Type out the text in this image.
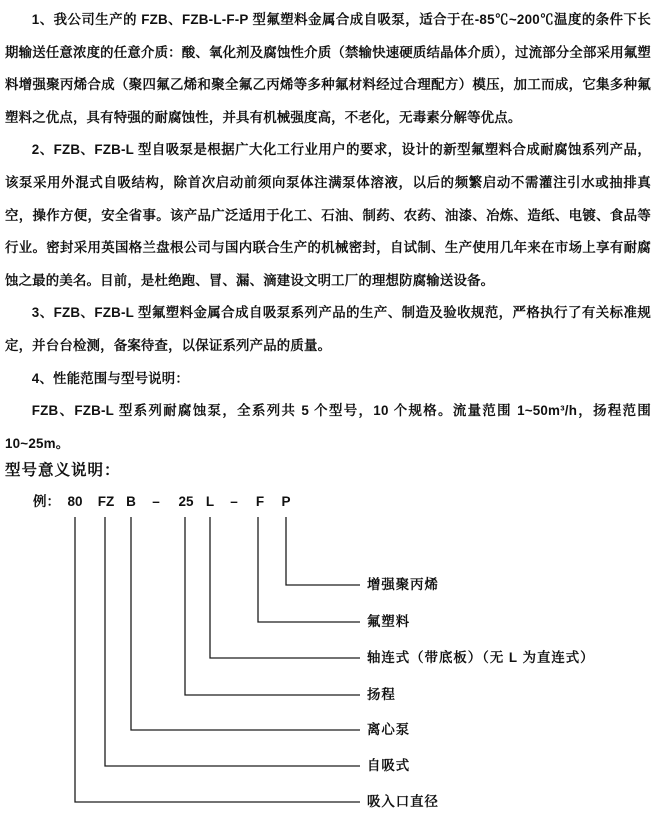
1、我公司生产的 FZB、FZB-L-F-P 型氟塑料金属合成自吸泵，适合于在-85℃~200℃温度的条件下长期输送任意浓度的任意介质：酸、氧化剂及腐蚀性介质（禁输快速硬质结晶体介质），过流部分全部采用氟塑料增强聚丙烯合成（聚四氟乙烯和聚全氟乙丙烯等多种氟材料经过合理配方）模压，加工而成，它集多种氟塑料之优点，具有特强的耐腐蚀性，并具有机械强度高，不老化，无毒素分解等优点。

2、FZB、FZB-L 型自吸泵是根据广大化工行业用户的要求，设计的新型氟塑料合成耐腐蚀系列产品，该泵采用外混式自吸结构，除首次启动前须向泵体注满泵体溶液，以后的频繁启动不需灌注引水或抽排真空，操作方便，安全省事。该产品广泛适用于化工、石油、制药、农药、油漆、冶炼、造纸、电镀、食品等行业。密封采用英国格兰盘根公司与国内联合生产的机械密封，自试制、生产使用几年来在市场上享有耐腐蚀之最的美名。目前，是杜绝跑、冒、漏、滴建设文明工厂的理想防腐输送设备。

3、FZB、FZB-L 型氟塑料金属合成自吸泵系列产品的生产、制造及验收规范，严格执行了有关标准规定，并台台检测，备案待查，以保证系列产品的质量。

4、性能范围与型号说明：

FZB、FZB-L 型系列耐腐蚀泵，全系列共 5 个型号，10 个规格。流量范围 1~50m³/h，扬程范围 10~25m。

型号意义说明：
例： 80 FZ B – 25 L – F P
增强聚丙烯
氟塑料
轴连式（带底板）（无 L 为直连式）
扬程
离心泵
自吸式
吸入口直径
